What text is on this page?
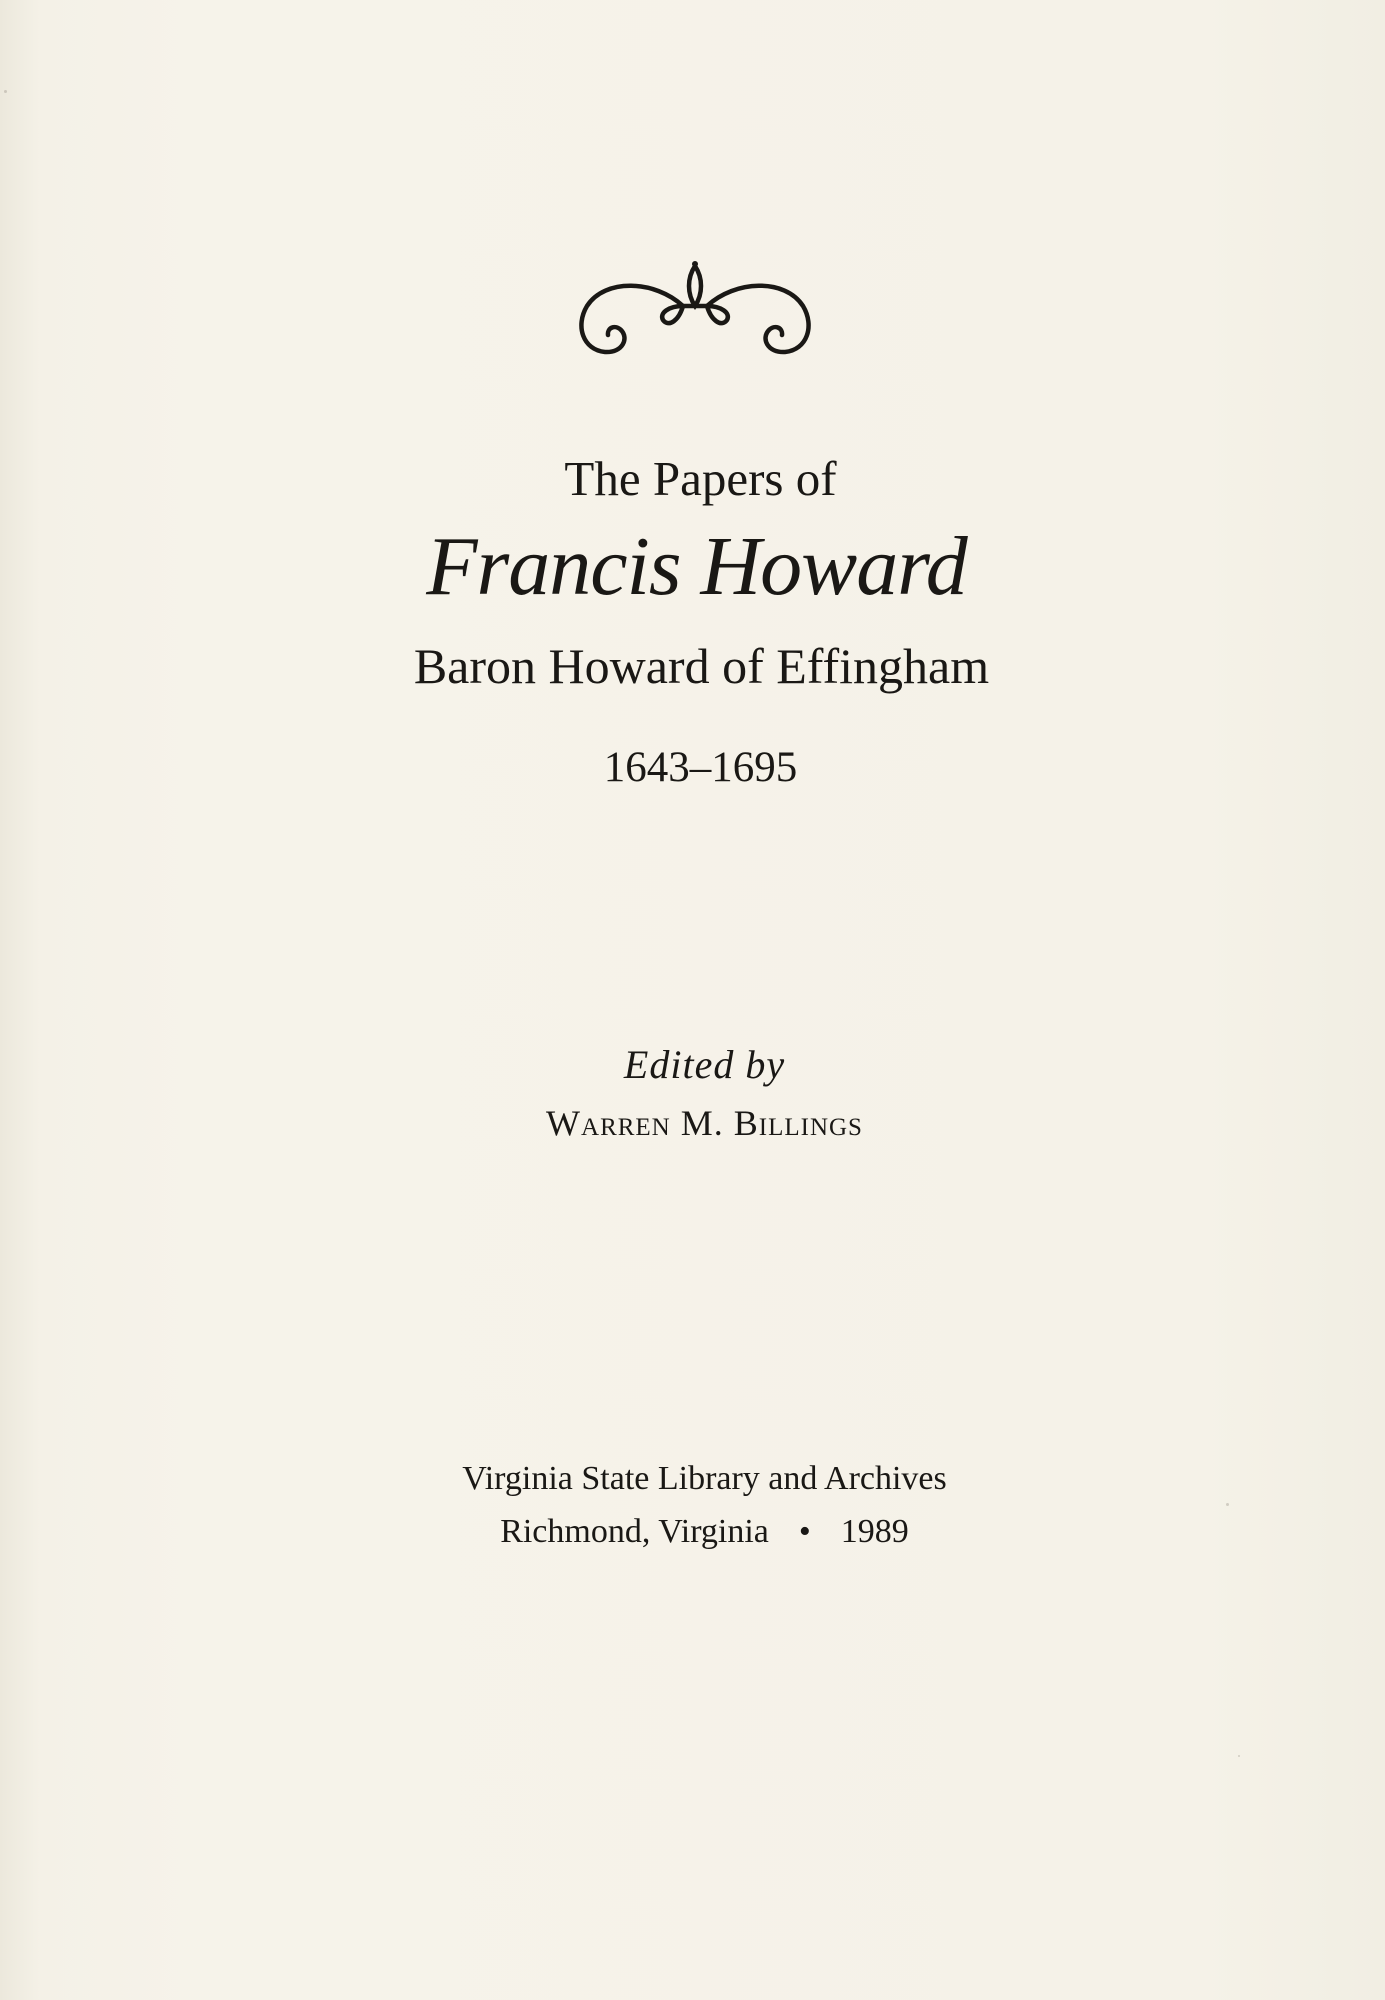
The Papers of
Francis Howard
Baron Howard of Effingham
1643–1695
Edited by
Warren M. Billings
Virginia State Library and Archives
Richmond, Virginia • 1989
